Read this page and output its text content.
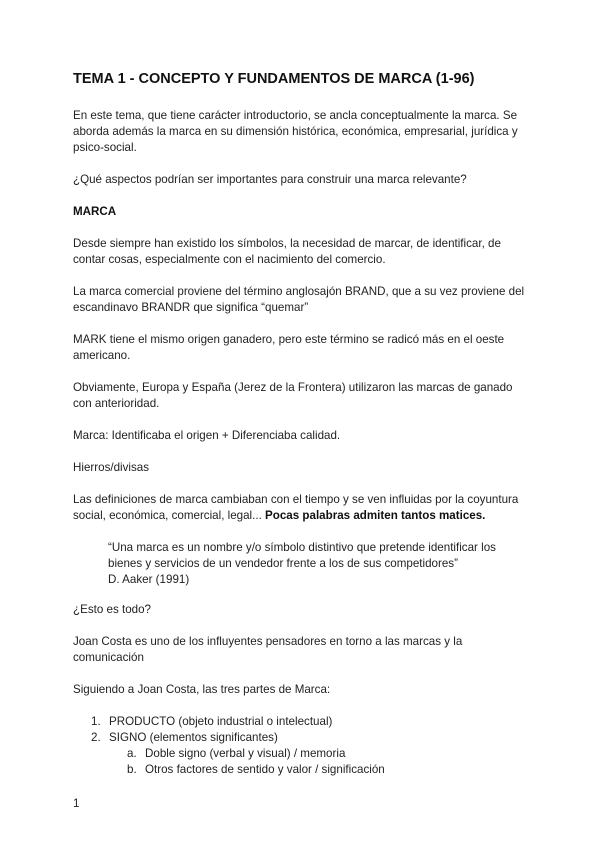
TEMA 1 - CONCEPTO Y FUNDAMENTOS DE MARCA (1-96)

En este tema, que tiene carácter introductorio, se ancla conceptualmente la marca. Se aborda además la marca en su dimensión histórica, económica, empresarial, jurídica y psico-social.

¿Qué aspectos podrían ser importantes para construir una marca relevante?

MARCA

Desde siempre han existido los símbolos, la necesidad de marcar, de identificar, de contar cosas, especialmente con el nacimiento del comercio.

La marca comercial proviene del término anglosajón BRAND, que a su vez proviene del escandinavo BRANDR que significa “quemar”

MARK tiene el mismo origen ganadero, pero este término se radicó más en el oeste americano.

Obviamente, Europa y España (Jerez de la Frontera) utilizaron las marcas de ganado con anterioridad.

Marca: Identificaba el origen + Diferenciaba calidad.

Hierros/divisas

Las definiciones de marca cambiaban con el tiempo y se ven influidas por la coyuntura social, económica, comercial, legal... Pocas palabras admiten tantos matices.

“Una marca es un nombre y/o símbolo distintivo que pretende identificar los bienes y servicios de un vendedor frente a los de sus competidores”
D. Aaker (1991)

¿Esto es todo?

Joan Costa es uno de los influyentes pensadores en torno a las marcas y la comunicación

Siguiendo a Joan Costa, las tres partes de Marca:

1. PRODUCTO (objeto industrial o intelectual)
2. SIGNO (elementos significantes)
a. Doble signo (verbal y visual) / memoria
b. Otros factores de sentido y valor / significación
1
